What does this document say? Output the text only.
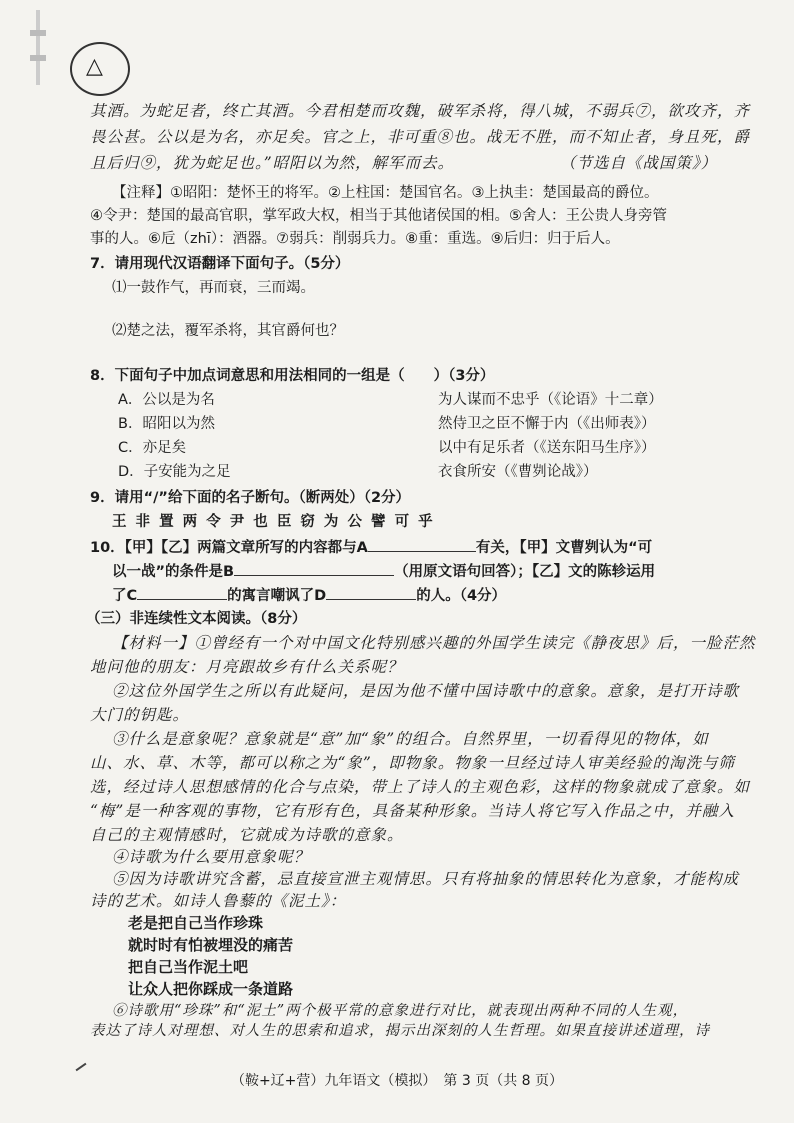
△
其酒。为蛇足者，终亡其酒。今君相楚而攻魏，破军杀将，得八城，不弱兵⑦，欲攻齐，齐
畏公甚。公以是为名，亦足矣。官之上，非可重⑧也。战无不胜，而不知止者，身且死，爵
且后归⑨，犹为蛇足也。”昭阳以为然，解军而去。	（节选自《战国策》）
【注释】①昭阳：楚怀王的将军。②上柱国：楚国官名。③上执圭：楚国最高的爵位。
④令尹：楚国的最高官职，掌军政大权，相当于其他诸侯国的相。⑤舍人：王公贵人身旁管
事的人。⑥卮（zhī）：酒器。⑦弱兵：削弱兵力。⑧重：重选。⑨后归：归于后人。
7．请用现代汉语翻译下面句子。（5分）
⑴一鼓作气，再而衰，三而竭。
⑵楚之法，覆军杀将，其官爵何也？
8．下面句子中加点词意思和用法相同的一组是（　　）（3分）
A．公以是为名	为人谋而不忠乎（《论语》十二章）
B．昭阳以为然	然侍卫之臣不懈于内（《出师表》）
C．亦足矣	以中有足乐者（《送东阳马生序》）
D．子安能为之足	衣食所安（《曹刿论战》）
9．请用“/”给下面的名子断句。（断两处）（2分）
王 非 置 两 令 尹 也 臣 窃 为 公 譬 可 乎
10．【甲】【乙】两篇文章所写的内容都与A	有关，【甲】文曹刿认为“可
以一战”的条件是B	（用原文语句回答）；【乙】文的陈轸运用
了C	的寓言嘲讽了D	的人。（4分）
（三）非连续性文本阅读。（8分）
【材料一】①曾经有一个对中国文化特别感兴趣的外国学生读完《静夜思》后，一脸茫然
地问他的朋友：月亮跟故乡有什么关系呢？
②这位外国学生之所以有此疑问，是因为他不懂中国诗歌中的意象。意象，是打开诗歌
大门的钥匙。
③什么是意象呢？意象就是“意”加“象”的组合。自然界里，一切看得见的物体，如
山、水、草、木等，都可以称之为“象”，即物象。物象一旦经过诗人审美经验的淘洗与筛
选，经过诗人思想感情的化合与点染，带上了诗人的主观色彩，这样的物象就成了意象。如
“梅”是一种客观的事物，它有形有色，具备某种形象。当诗人将它写入作品之中，并融入
自己的主观情感时，它就成为诗歌的意象。
④诗歌为什么要用意象呢？
⑤因为诗歌讲究含蓄，忌直接宣泄主观情思。只有将抽象的情思转化为意象，才能构成
诗的艺术。如诗人鲁藜的《泥土》：
老是把自己当作珍珠
就时时有怕被埋没的痛苦
把自己当作泥土吧
让众人把你踩成一条道路
⑥诗歌用“珍珠”和“泥土”两个极平常的意象进行对比，就表现出两种不同的人生观，
表达了诗人对理想、对人生的思索和追求，揭示出深刻的人生哲理。如果直接讲述道理，诗
（鞍+辽+营）九年语文（模拟）　第 3 页（共 8 页）
